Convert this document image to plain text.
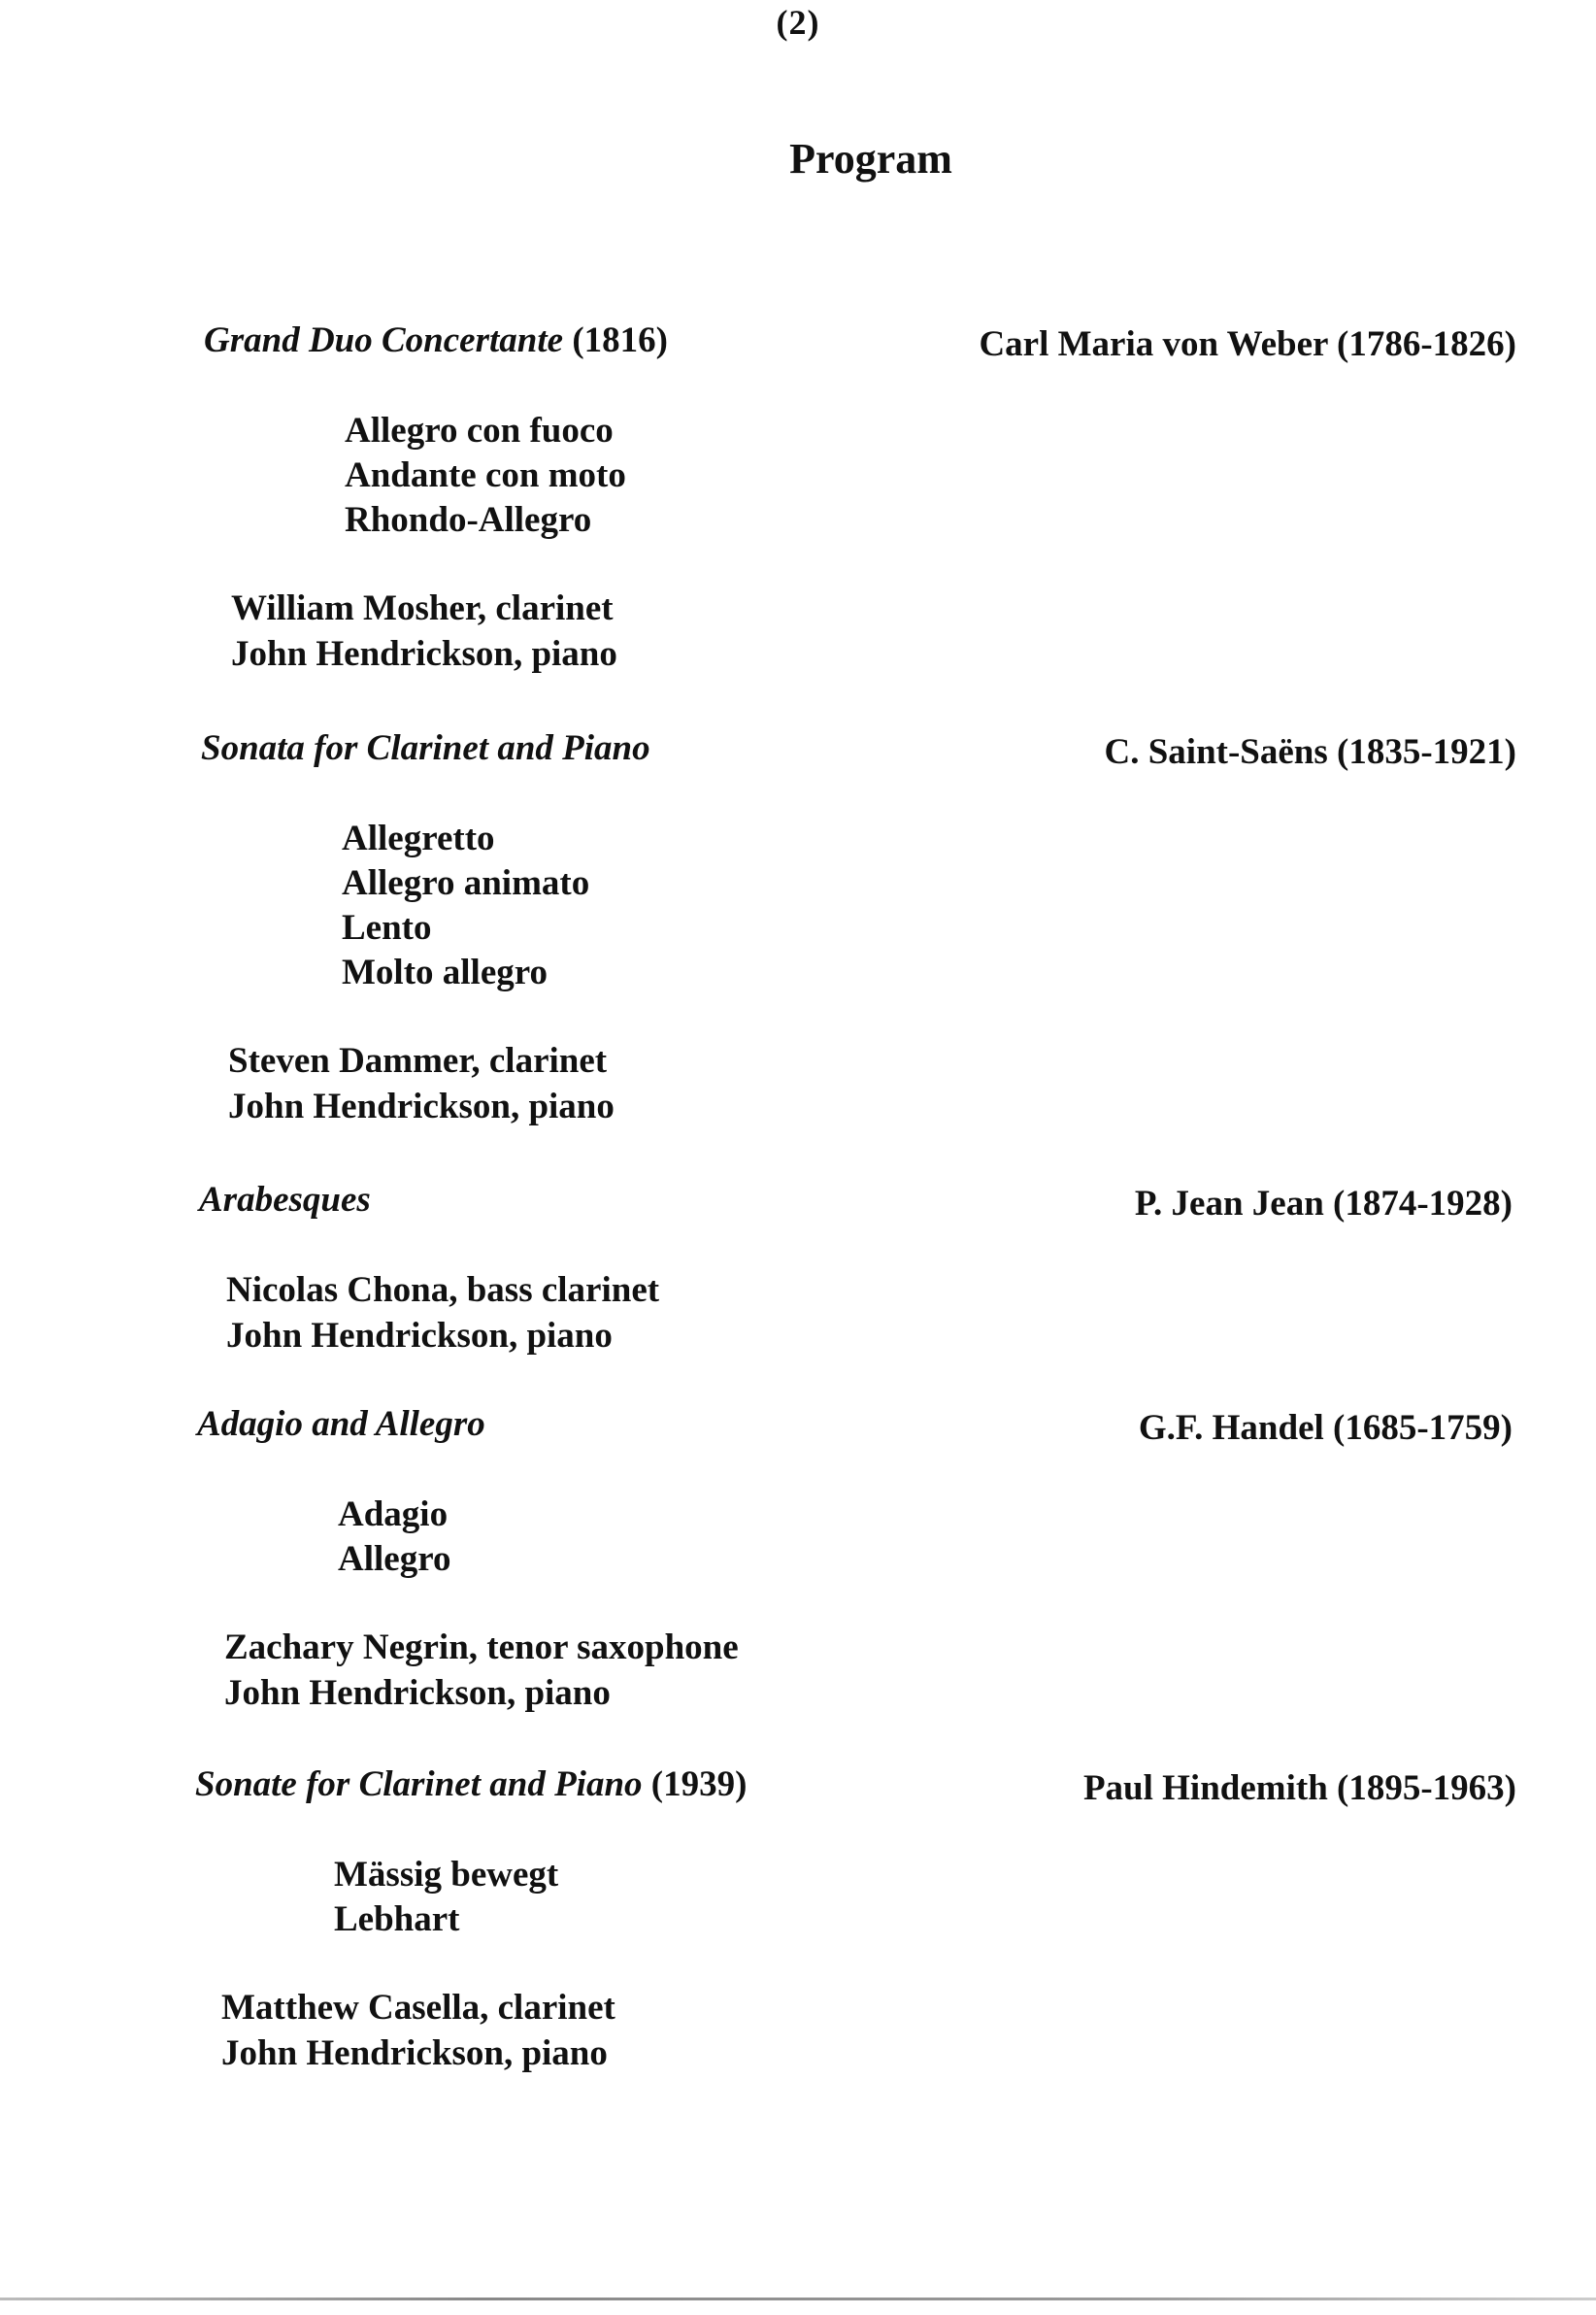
(2)
Program
Grand Duo Concertante (1816)	Carl Maria von Weber (1786-1826)
Allegro con fuoco
Andante con moto
Rhondo-Allegro
William Mosher, clarinet
John Hendrickson, piano
Sonata for Clarinet and Piano	C. Saint-Saëns (1835-1921)
Allegretto
Allegro animato
Lento
Molto allegro
Steven Dammer, clarinet
John Hendrickson, piano
Arabesques	P. Jean Jean (1874-1928)
Nicolas Chona, bass clarinet
John Hendrickson, piano
Adagio and Allegro	G.F. Handel (1685-1759)
Adagio
Allegro
Zachary Negrin, tenor saxophone
John Hendrickson, piano
Sonate for Clarinet and Piano (1939)	Paul Hindemith (1895-1963)
Mässig bewegt
Lebhart
Matthew Casella, clarinet
John Hendrickson, piano
